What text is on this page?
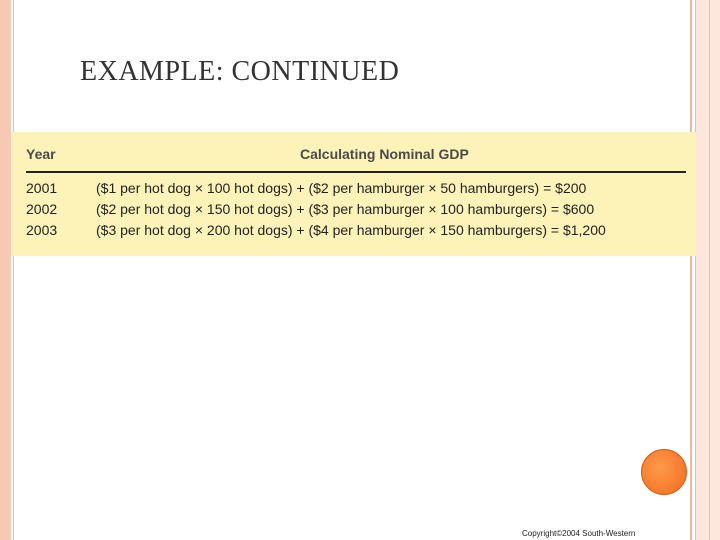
EXAMPLE: CONTINUED
Year	Calculating Nominal GDP
2001	($1 per hot dog × 100 hot dogs) + ($2 per hamburger × 50 hamburgers) = $200
2002	($2 per hot dog × 150 hot dogs) + ($3 per hamburger × 100 hamburgers) = $600
2003	($3 per hot dog × 200 hot dogs) + ($4 per hamburger × 150 hamburgers) = $1,200
Copyright©2004 South-Western
